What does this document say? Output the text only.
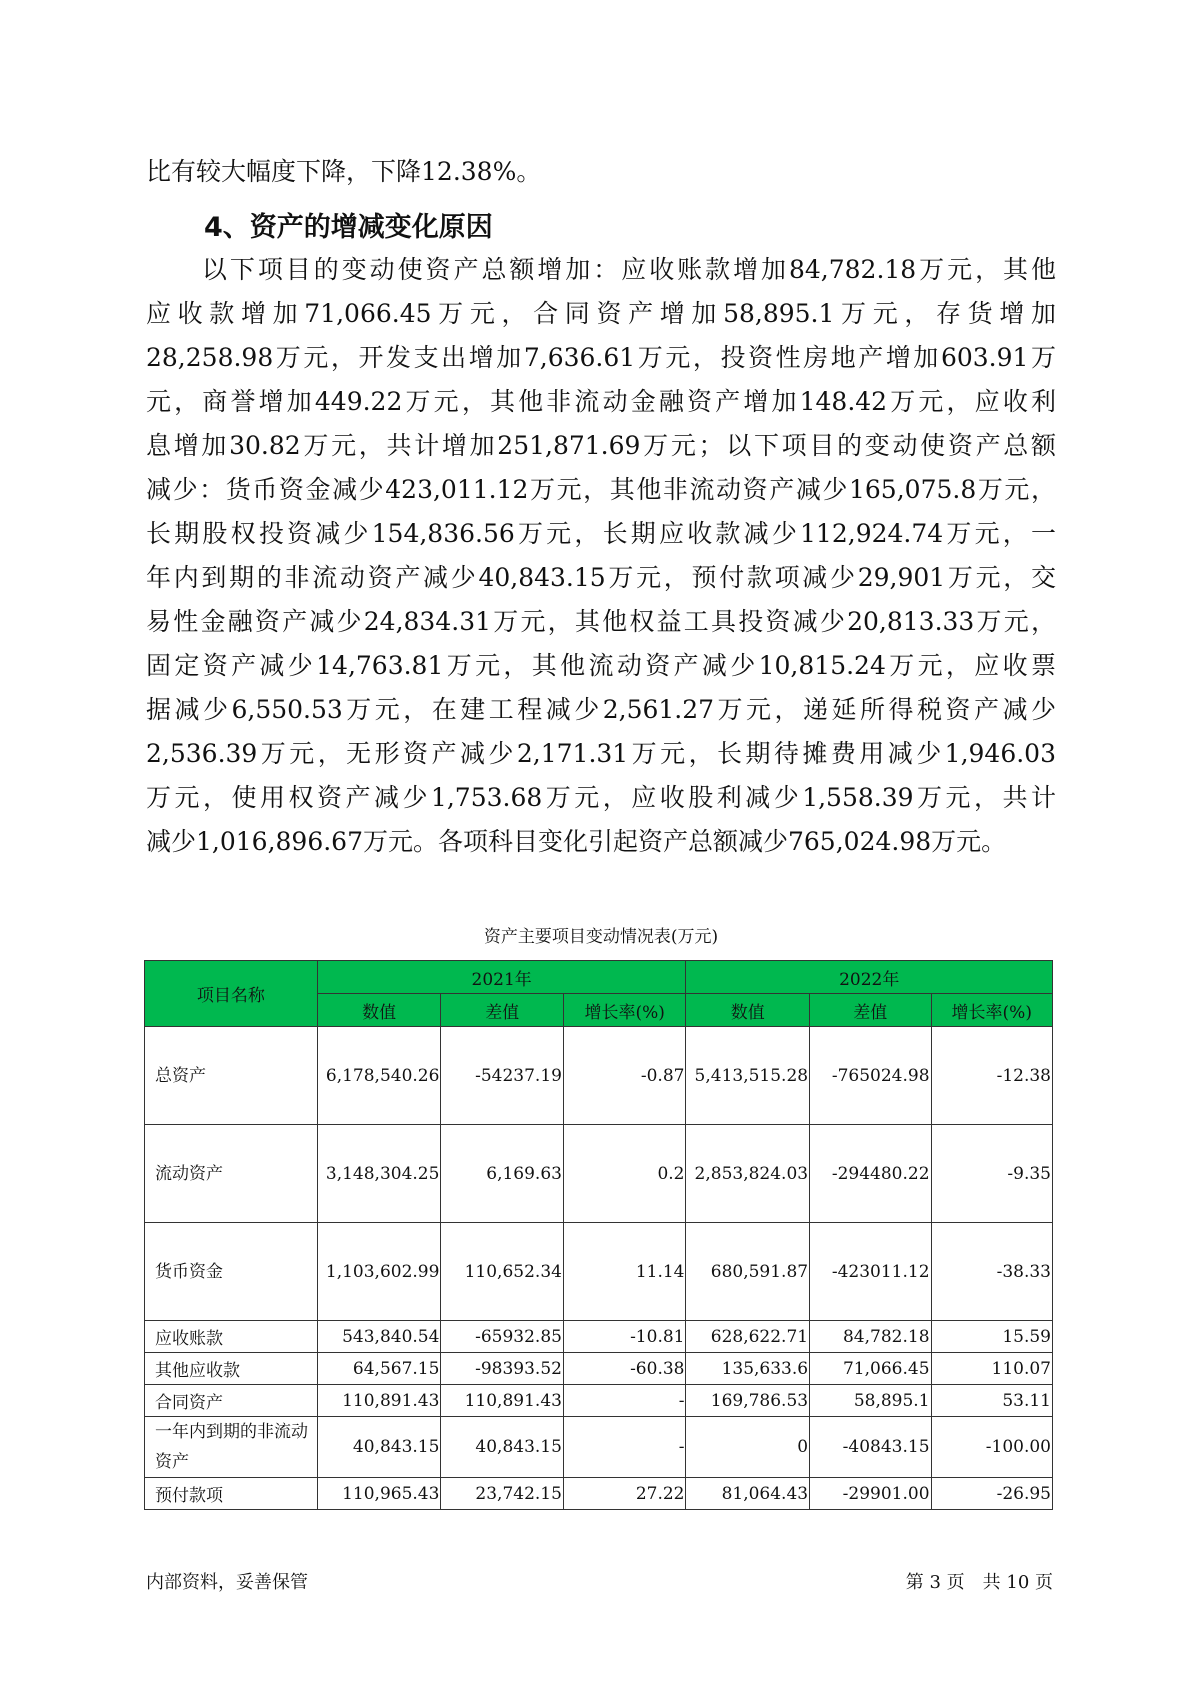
比有较大幅度下降，下降12.38%。
4、资产的增减变化原因
　　以下项目的变动使资产总额增加：应收账款增加84,782.18万元，其他
应收款增加71,066.45万元，合同资产增加58,895.1万元，存货增加
28,258.98万元，开发支出增加7,636.61万元，投资性房地产增加603.91万
元，商誉增加449.22万元，其他非流动金融资产增加148.42万元，应收利
息增加30.82万元，共计增加251,871.69万元；以下项目的变动使资产总额
减少：货币资金减少423,011.12万元，其他非流动资产减少165,075.8万元，
长期股权投资减少154,836.56万元，长期应收款减少112,924.74万元，一
年内到期的非流动资产减少40,843.15万元，预付款项减少29,901万元，交
易性金融资产减少24,834.31万元，其他权益工具投资减少20,813.33万元，
固定资产减少14,763.81万元，其他流动资产减少10,815.24万元，应收票
据减少6,550.53万元，在建工程减少2,561.27万元，递延所得税资产减少
2,536.39万元，无形资产减少2,171.31万元，长期待摊费用减少1,946.03
万元，使用权资产减少1,753.68万元，应收股利减少1,558.39万元，共计
减少1,016,896.67万元。各项科目变化引起资产总额减少765,024.98万元。
资产主要项目变动情况表(万元)
项目名称	2021年			2022年		
	数值	差值	增长率(%)	数值	差值	增长率(%)
总资产	6,178,540.26	-54237.19	-0.87	5,413,515.28	-765024.98	-12.38
流动资产	3,148,304.25	6,169.63	0.2	2,853,824.03	-294480.22	-9.35
货币资金	1,103,602.99	110,652.34	11.14	680,591.87	-423011.12	-38.33
应收账款	543,840.54	-65932.85	-10.81	628,622.71	84,782.18	15.59
其他应收款	64,567.15	-98393.52	-60.38	135,633.6	71,066.45	110.07
合同资产	110,891.43	110,891.43	-	169,786.53	58,895.1	53.11
一年内到期的非流动资产	40,843.15	40,843.15	-	0	-40843.15	-100.00
预付款项	110,965.43	23,742.15	27.22	81,064.43	-29901.00	-26.95
内部资料，妥善保管	第 3 页　共 10 页
